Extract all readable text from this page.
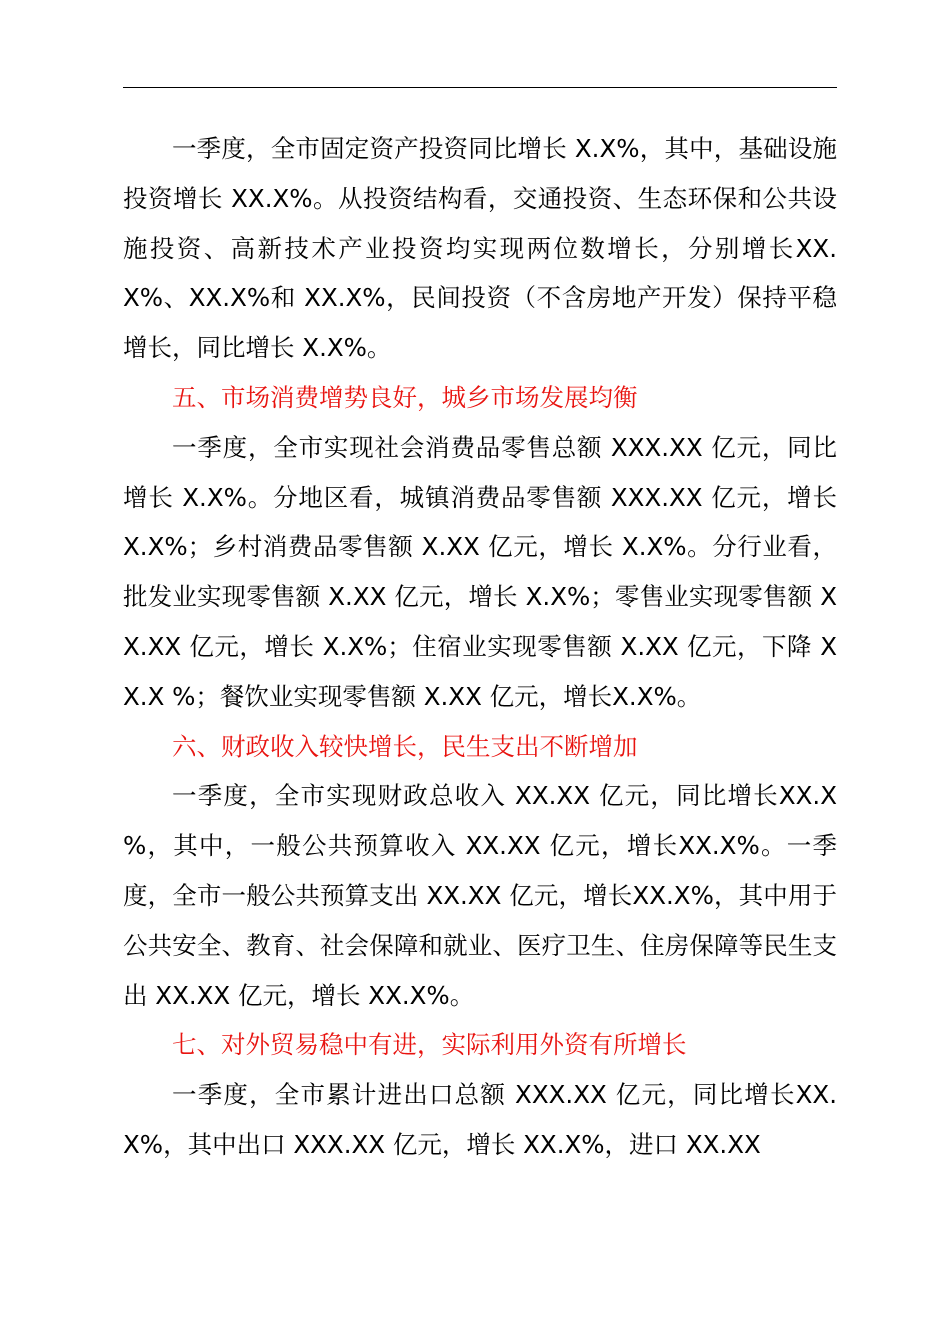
一季度，全市固定资产投资同比增长 X.X%，其中，基础设施投资增长 XX.X%。从投资结构看，交通投资、生态环保和公共设施投资、高新技术产业投资均实现两位数增长，分别增长XX.X%、XX.X%和 XX.X%，民间投资（不含房地产开发）保持平稳增长，同比增长 X.X%。

五、市场消费增势良好，城乡市场发展均衡

一季度，全市实现社会消费品零售总额 XXX.XX 亿元，同比增长 X.X%。分地区看，城镇消费品零售额 XXX.XX 亿元，增长 X.X%；乡村消费品零售额 X.XX 亿元，增长 X.X%。分行业看，批发业实现零售额 X.XX 亿元，增长 X.X%；零售业实现零售额 XX.XX 亿元，增长 X.X%；住宿业实现零售额 X.XX 亿元，下降 XX.X %；餐饮业实现零售额 X.XX 亿元，增长X.X%。

六、财政收入较快增长，民生支出不断增加

一季度，全市实现财政总收入 XX.XX 亿元，同比增长XX.X %，其中，一般公共预算收入 XX.XX 亿元，增长XX.X%。一季度，全市一般公共预算支出 XX.XX 亿元，增长XX.X%，其中用于公共安全、教育、社会保障和就业、医疗卫生、住房保障等民生支出 XX.XX 亿元，增长 XX.X%。

七、对外贸易稳中有进，实际利用外资有所增长

一季度，全市累计进出口总额 XXX.XX 亿元，同比增长XX.X%，其中出口 XXX.XX 亿元，增长 XX.X%，进口 XX.XX
